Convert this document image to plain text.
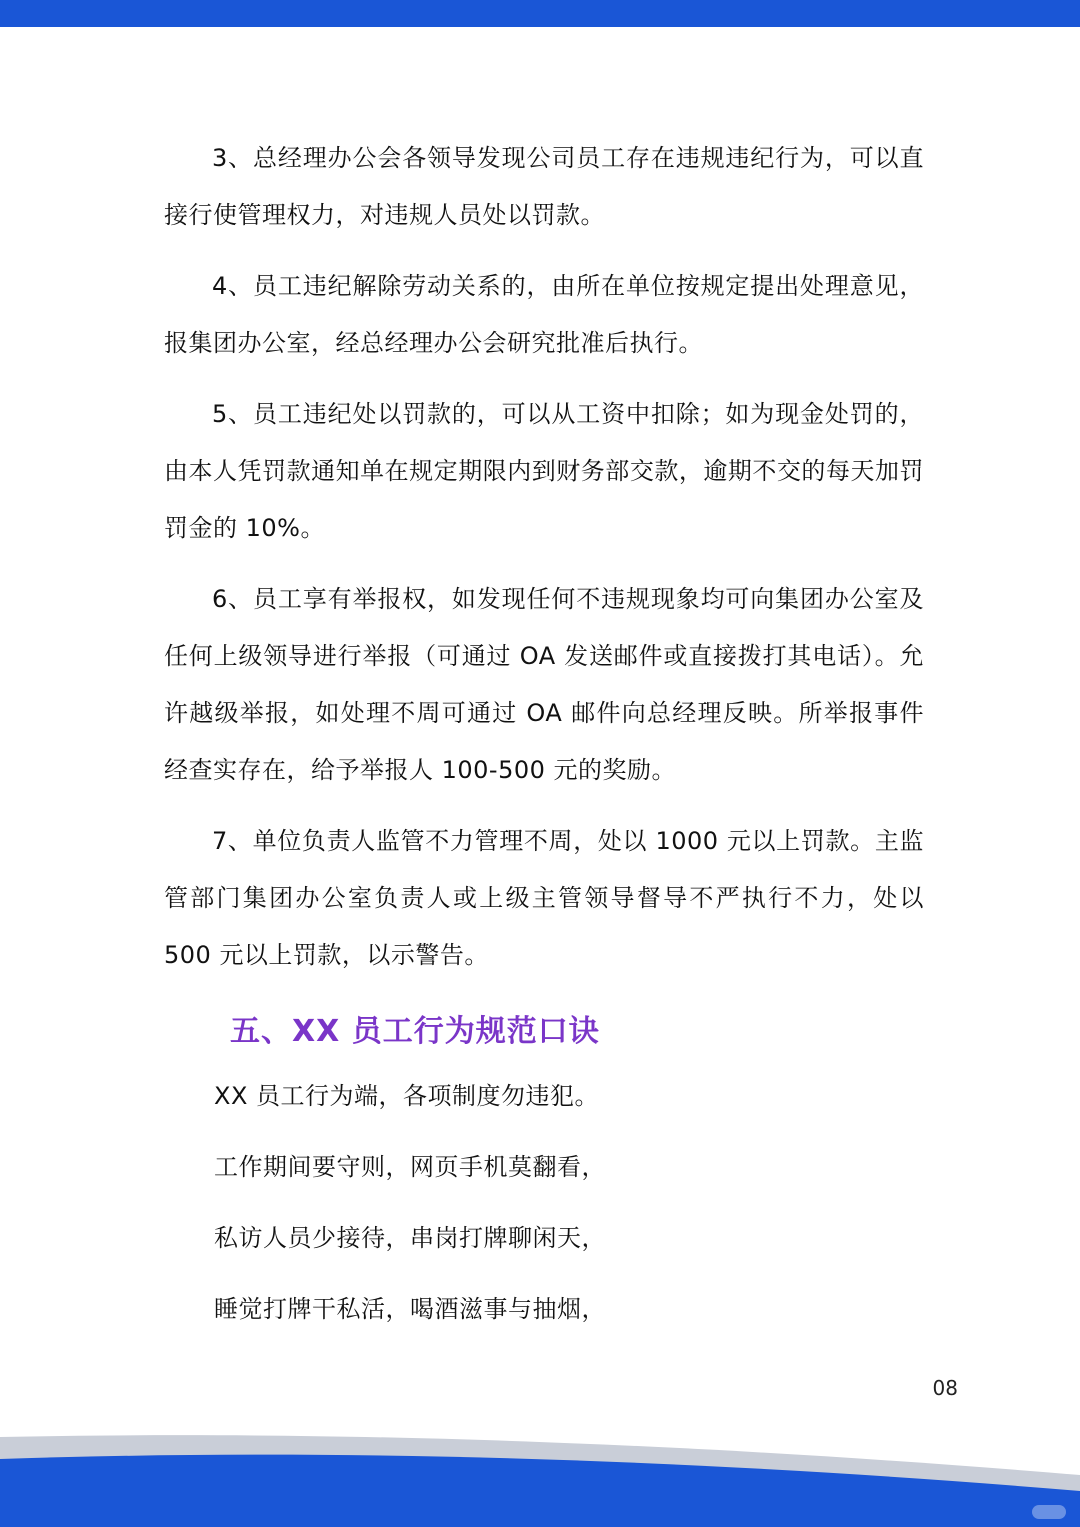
3、总经理办公会各领导发现公司员工存在违规违纪行为，可以直接行使管理权力，对违规人员处以罚款。

4、员工违纪解除劳动关系的，由所在单位按规定提出处理意见，报集团办公室，经总经理办公会研究批准后执行。

5、员工违纪处以罚款的，可以从工资中扣除；如为现金处罚的，由本人凭罚款通知单在规定期限内到财务部交款，逾期不交的每天加罚罚金的 10%。

6、员工享有举报权，如发现任何不违规现象均可向集团办公室及任何上级领导进行举报（可通过 OA 发送邮件或直接拨打其电话）。允许越级举报，如处理不周可通过 OA 邮件向总经理反映。所举报事件经查实存在，给予举报人 100-500 元的奖励。

7、单位负责人监管不力管理不周，处以 1000 元以上罚款。主监管部门集团办公室负责人或上级主管领导督导不严执行不力，处以 500 元以上罚款，以示警告。

五、XX 员工行为规范口诀
XX 员工行为端，各项制度勿违犯。
工作期间要守则，网页手机莫翻看，
私访人员少接待，串岗打牌聊闲天，
睡觉打牌干私活，喝酒滋事与抽烟，
08
